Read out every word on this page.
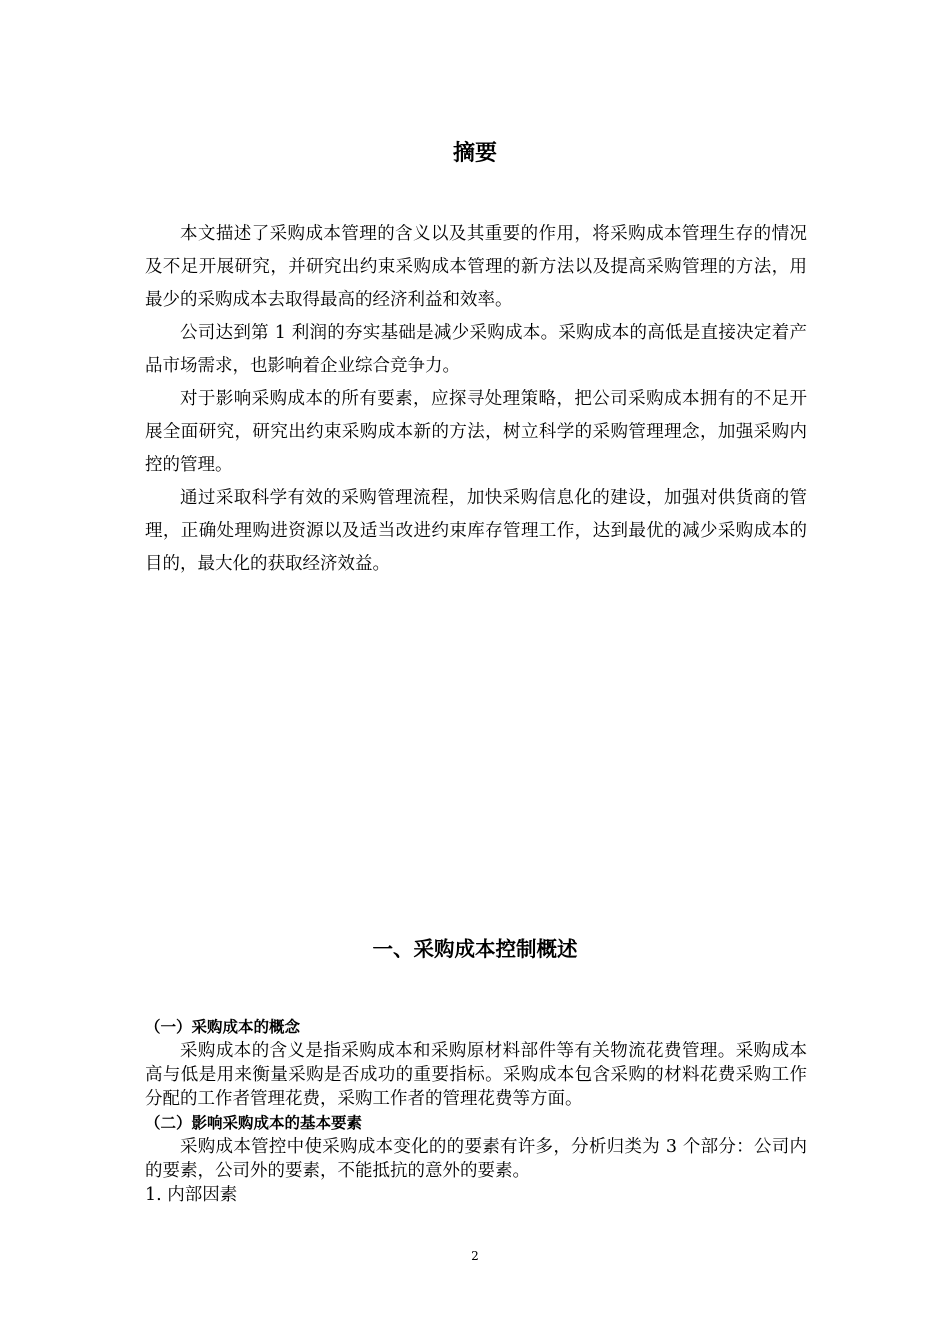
摘要

本文描述了采购成本管理的含义以及其重要的作用，将采购成本管理生存的情况及不足开展研究，并研究出约束采购成本管理的新方法以及提高采购管理的方法，用最少的采购成本去取得最高的经济利益和效率。

公司达到第 1 利润的夯实基础是减少采购成本。采购成本的高低是直接决定着产品市场需求，也影响着企业综合竞争力。

对于影响采购成本的所有要素，应探寻处理策略，把公司采购成本拥有的不足开展全面研究，研究出约束采购成本新的方法，树立科学的采购管理理念，加强采购内控的管理。

通过采取科学有效的采购管理流程，加快采购信息化的建设，加强对供货商的管理，正确处理购进资源以及适当改进约束库存管理工作，达到最优的减少采购成本的目的，最大化的获取经济效益。

一、采购成本控制概述
（一）采购成本的概念

采购成本的含义是指采购成本和采购原材料部件等有关物流花费管理。采购成本高与低是用来衡量采购是否成功的重要指标。采购成本包含采购的材料花费采购工作分配的工作者管理花费，采购工作者的管理花费等方面。

（二）影响采购成本的基本要素

采购成本管控中使采购成本变化的的要素有许多，分析归类为 3 个部分：公司内的要素，公司外的要素，不能抵抗的意外的要素。

1. 内部因素

2
